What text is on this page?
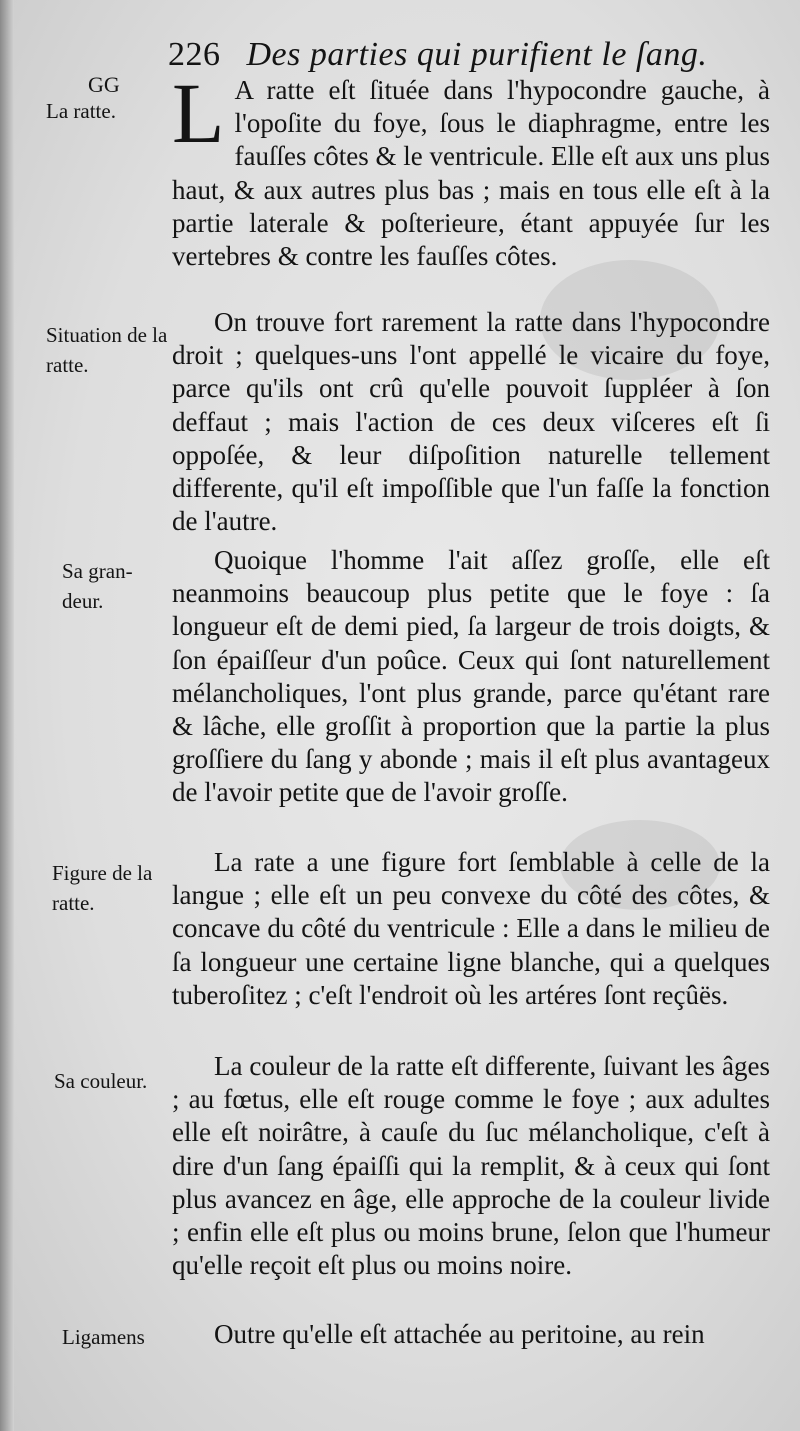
226 Des parties qui purifient le ſang.
GG
La ratte.
Situation de la ratte.
Sa gran- deur.
Figure de la ratte.
Sa couleur.
Ligamens

L A ratte eſt ſituée dans l'hypocondre gauche, à l'opoſite du foye, ſous le diaphragme, entre les fauſſes côtes & le ventricule. Elle eſt aux uns plus haut, & aux autres plus bas ; mais en tous elle eſt à la partie laterale & poſterieure, étant appuyée ſur les vertebres & contre les fauſſes côtes.

On trouve fort rarement la ratte dans l'hypocondre droit ; quelques-uns l'ont appellé le vicaire du foye, parce qu'ils ont crû qu'elle pouvoit ſuppléer à ſon deffaut ; mais l'action de ces deux viſceres eſt ſi oppoſée, & leur diſpoſition naturelle tellement differente, qu'il eſt impoſſible que l'un faſſe la fonction de l'autre.

Quoique l'homme l'ait aſſez groſſe, elle eſt neanmoins beaucoup plus petite que le foye : ſa longueur eſt de demi pied, ſa largeur de trois doigts, & ſon épaiſſeur d'un poûce. Ceux qui ſont naturellement mélancholiques, l'ont plus grande, parce qu'étant rare & lâche, elle groſſit à proportion que la partie la plus groſſiere du ſang y abonde ; mais il eſt plus avantageux de l'avoir petite que de l'avoir groſſe.

La rate a une figure fort ſemblable à celle de la langue ; elle eſt un peu convexe du côté des côtes, & concave du côté du ventricule : Elle a dans le milieu de ſa longueur une certaine ligne blanche, qui a quelques tuberoſitez ; c'eſt l'endroit où les artéres ſont reçûës.

La couleur de la ratte eſt differente, ſuivant les âges ; au fœtus, elle eſt rouge comme le foye ; aux adultes elle eſt noirâtre, à cauſe du ſuc mélancholique, c'eſt à dire d'un ſang épaiſſi qui la remplit, & à ceux qui ſont plus avancez en âge, elle approche de la couleur livide ; enfin elle eſt plus ou moins brune, ſelon que l'humeur qu'elle reçoit eſt plus ou moins noire.

Outre qu'elle eſt attachée au peritoine, au rein
